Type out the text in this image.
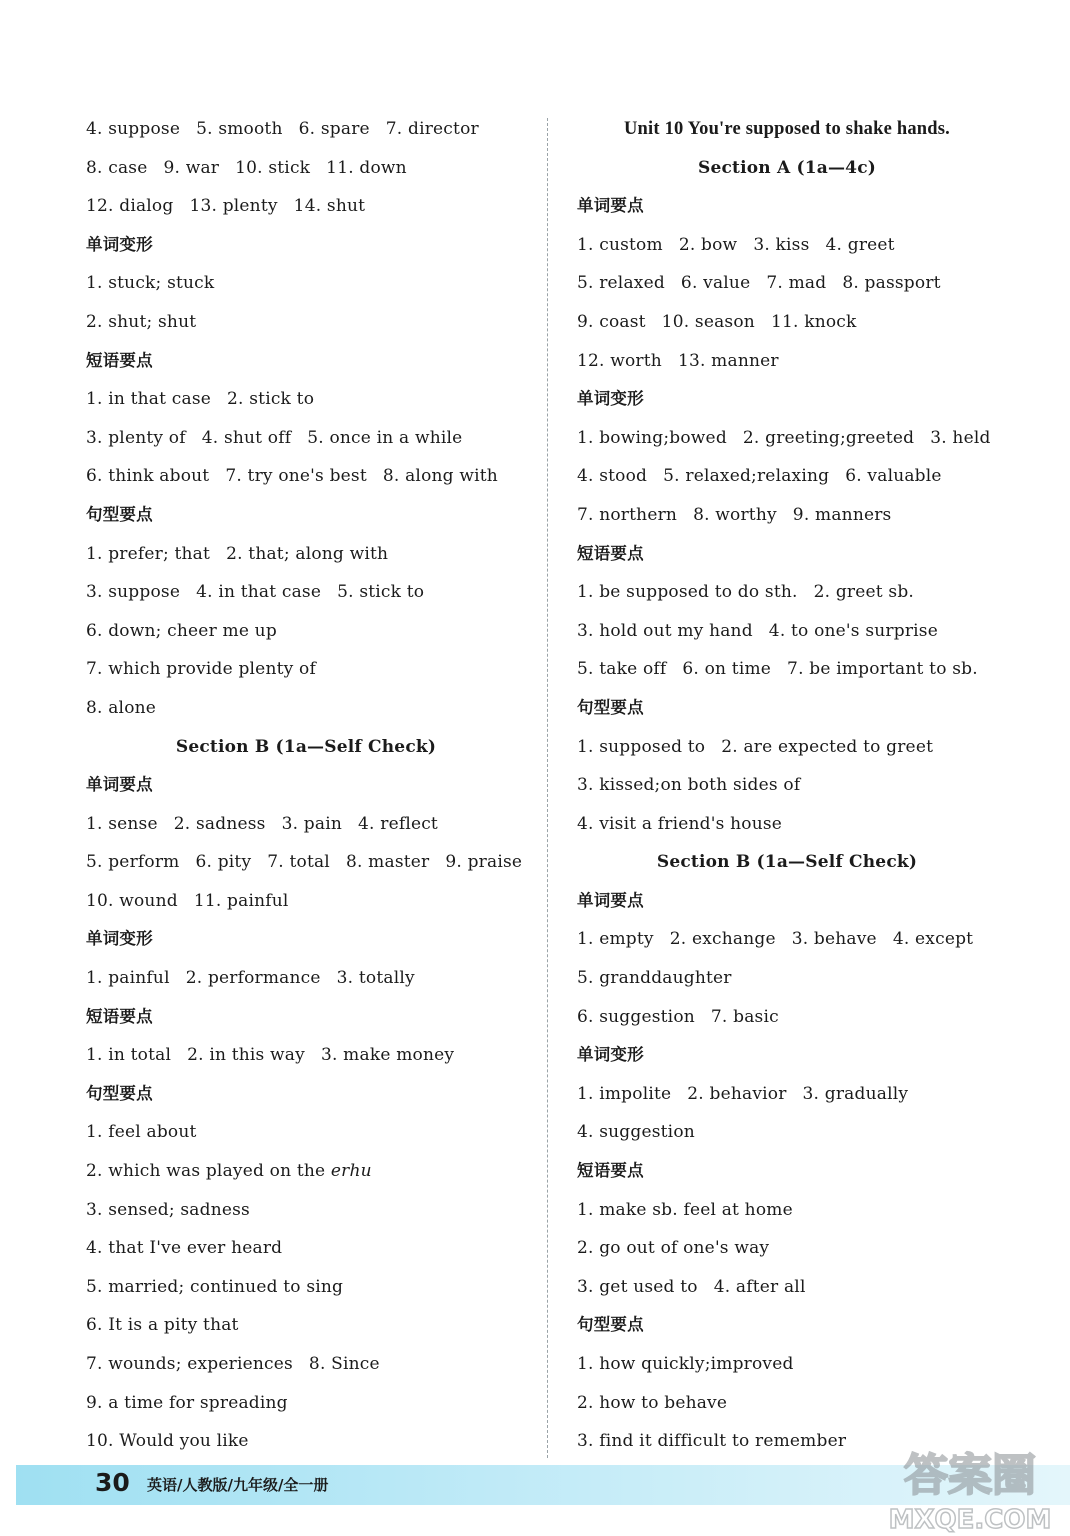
4. suppose 5. smooth 6. spare 7. director
8. case 9. war 10. stick 11. down
12. dialog 13. plenty 14. shut
单词变形
1. stuck; stuck
2. shut; shut
短语要点
1. in that case 2. stick to
3. plenty of 4. shut off 5. once in a while
6. think about 7. try one's best 8. along with
句型要点
1. prefer; that 2. that; along with
3. suppose 4. in that case 5. stick to
6. down; cheer me up
7. which provide plenty of
8. alone
Section B (1a—Self Check)
单词要点
1. sense 2. sadness 3. pain 4. reflect
5. perform 6. pity 7. total 8. master 9. praise
10. wound 11. painful
单词变形
1. painful 2. performance 3. totally
短语要点
1. in total 2. in this way 3. make money
句型要点
1. feel about
2. which was played on the erhu
3. sensed; sadness
4. that I've ever heard
5. married; continued to sing
6. It is a pity that
7. wounds; experiences 8. Since
9. a time for spreading
10. Would you like
Unit 10 You're supposed to shake hands.
Section A (1a—4c)
单词要点
1. custom 2. bow 3. kiss 4. greet
5. relaxed 6. value 7. mad 8. passport
9. coast 10. season 11. knock
12. worth 13. manner
单词变形
1. bowing;bowed 2. greeting;greeted 3. held
4. stood 5. relaxed;relaxing 6. valuable
7. northern 8. worthy 9. manners
短语要点
1. be supposed to do sth. 2. greet sb.
3. hold out my hand 4. to one's surprise
5. take off 6. on time 7. be important to sb.
句型要点
1. supposed to 2. are expected to greet
3. kissed;on both sides of
4. visit a friend's house
Section B (1a—Self Check)
单词要点
1. empty 2. exchange 3. behave 4. except
5. granddaughter
6. suggestion 7. basic
单词变形
1. impolite 2. behavior 3. gradually
4. suggestion
短语要点
1. make sb. feel at home
2. go out of one's way
3. get used to 4. after all
句型要点
1. how quickly;improved
2. how to behave
3. find it difficult to remember
30 英语/人教版/九年级/全一册	答案圈
MXQE.COM
